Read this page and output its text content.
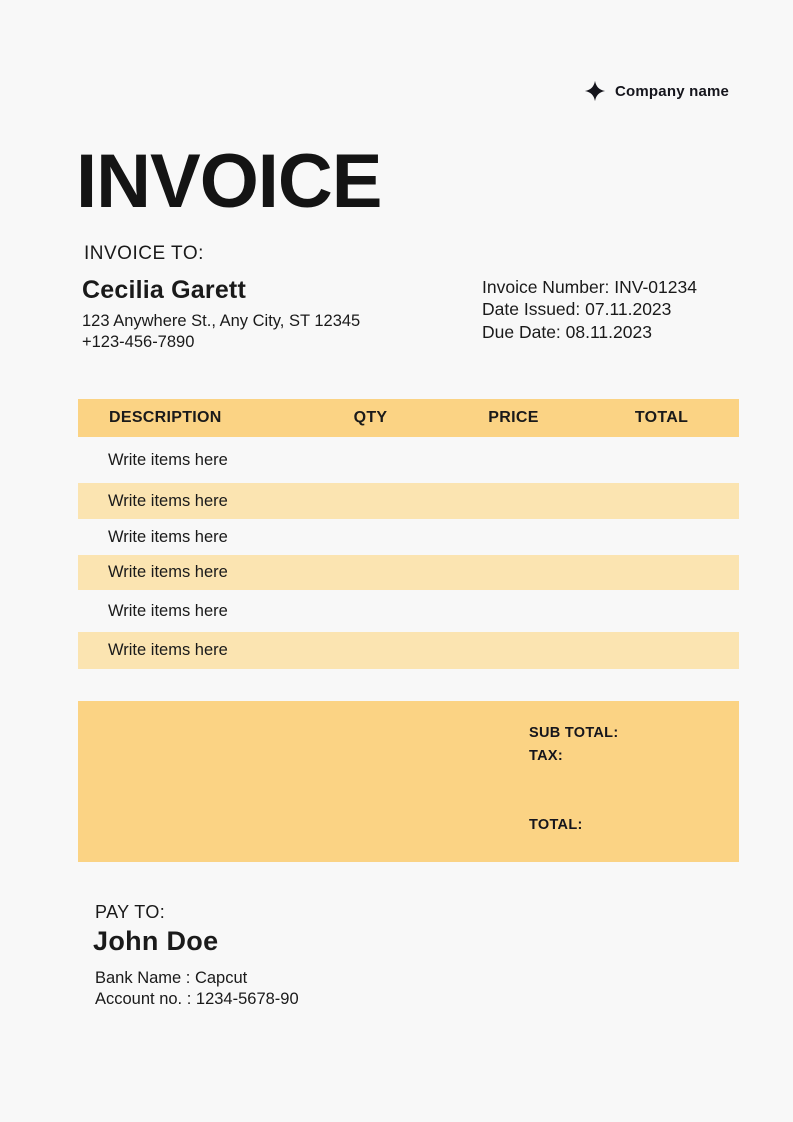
Company name
INVOICE
INVOICE TO:
Cecilia Garett
123 Anywhere St., Any City, ST 12345
+123-456-7890
Invoice Number: INV-01234
Date Issued: 07.11.2023
Due Date: 08.11.2023
DESCRIPTION	QTY	PRICE	TOTAL
Write items here
Write items here
Write items here
Write items here
Write items here
Write items here
SUB TOTAL:
TAX:
TOTAL:
PAY TO:
John Doe
Bank Name : Capcut
Account no. : 1234-5678-90
